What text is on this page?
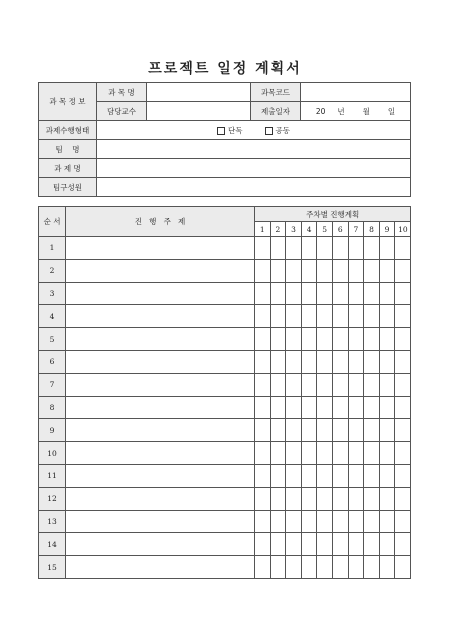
프로젝트 일정 계획서
과 목 정 보	과 목 명		과목코드	
	담당교수		제출일자	20 년 월 일
과제수행형태	단독 공동			
팀    명				
과 제 명				
팀구성원				
순 서	진   행   주   제	주차별 진행계획									
		1	2	3	4	5	6	7	8	9	10
1											
2											
3											
4											
5											
6											
7											
8											
9											
10											
11											
12											
13											
14											
15											
